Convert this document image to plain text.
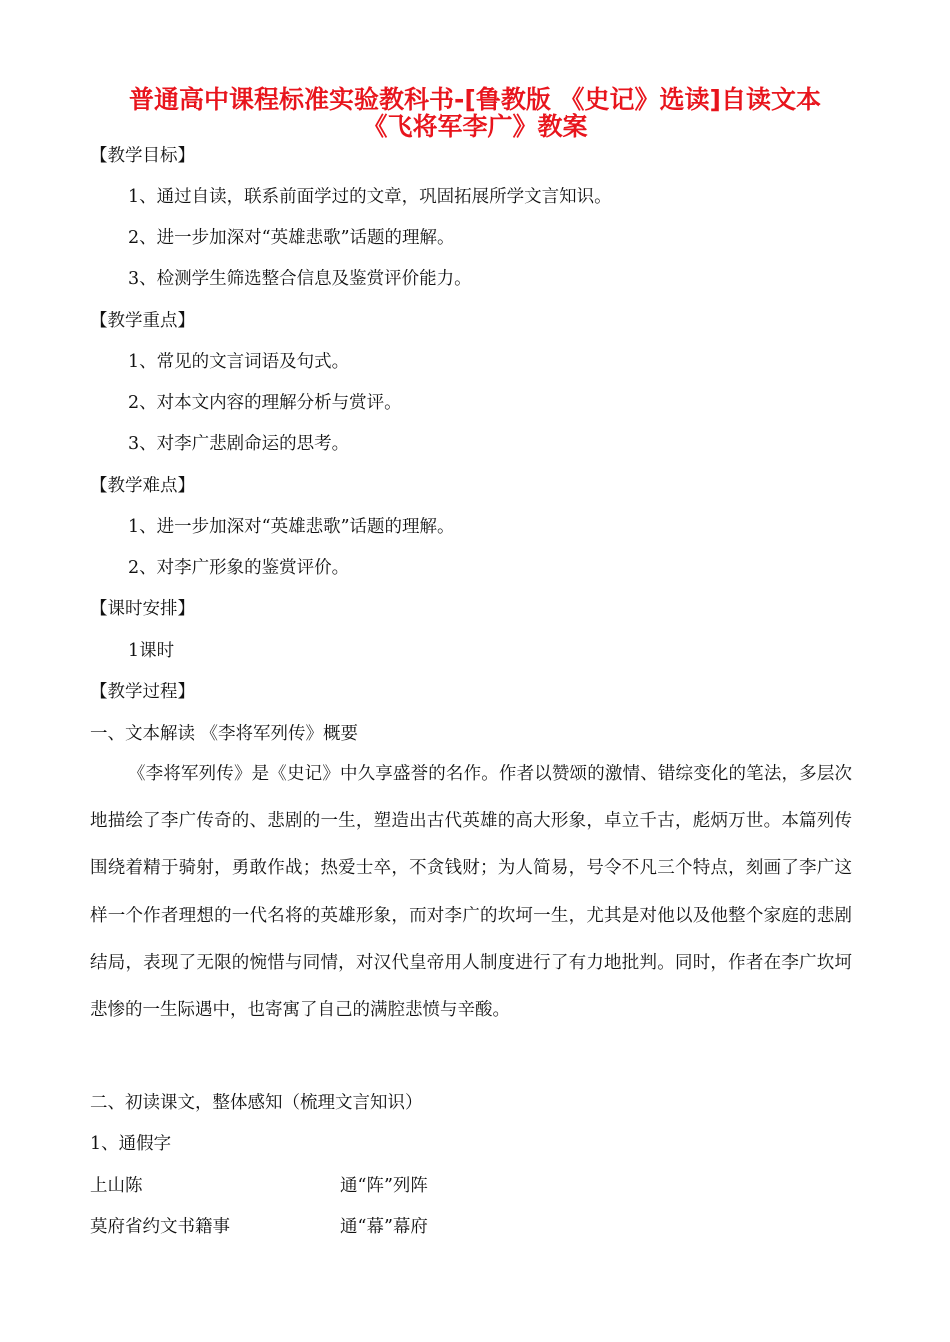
普通高中课程标准实验教科书-[鲁教版 《史记》选读]自读文本
《飞将军李广》教案
【教学目标】
1、通过自读，联系前面学过的文章，巩固拓展所学文言知识。
2、进一步加深对“英雄悲歌”话题的理解。
3、检测学生筛选整合信息及鉴赏评价能力。
【教学重点】
1、常见的文言词语及句式。
2、对本文内容的理解分析与赏评。
3、对李广悲剧命运的思考。
【教学难点】
1、进一步加深对“英雄悲歌”话题的理解。
2、对李广形象的鉴赏评价。
【课时安排】
1课时
【教学过程】
一、文本解读 《李将军列传》概要
《李将军列传》是《史记》中久享盛誉的名作。作者以赞颂的激情、错综变化的笔法，多层次地描绘了李广传奇的、悲剧的一生，塑造出古代英雄的高大形象，卓立千古，彪炳万世。本篇列传围绕着精于骑射，勇敢作战；热爱士卒，不贪钱财；为人简易，号令不凡三个特点，刻画了李广这样一个作者理想的一代名将的英雄形象，而对李广的坎坷一生，尤其是对他以及他整个家庭的悲剧结局，表现了无限的惋惜与同情，对汉代皇帝用人制度进行了有力地批判。同时，作者在李广坎坷悲惨的一生际遇中，也寄寓了自己的满腔悲愤与辛酸。
二、初读课文，整体感知（梳理文言知识）
1、通假字
上山陈	通“阵”列阵
莫府省约文书籍事	通“幕”幕府
